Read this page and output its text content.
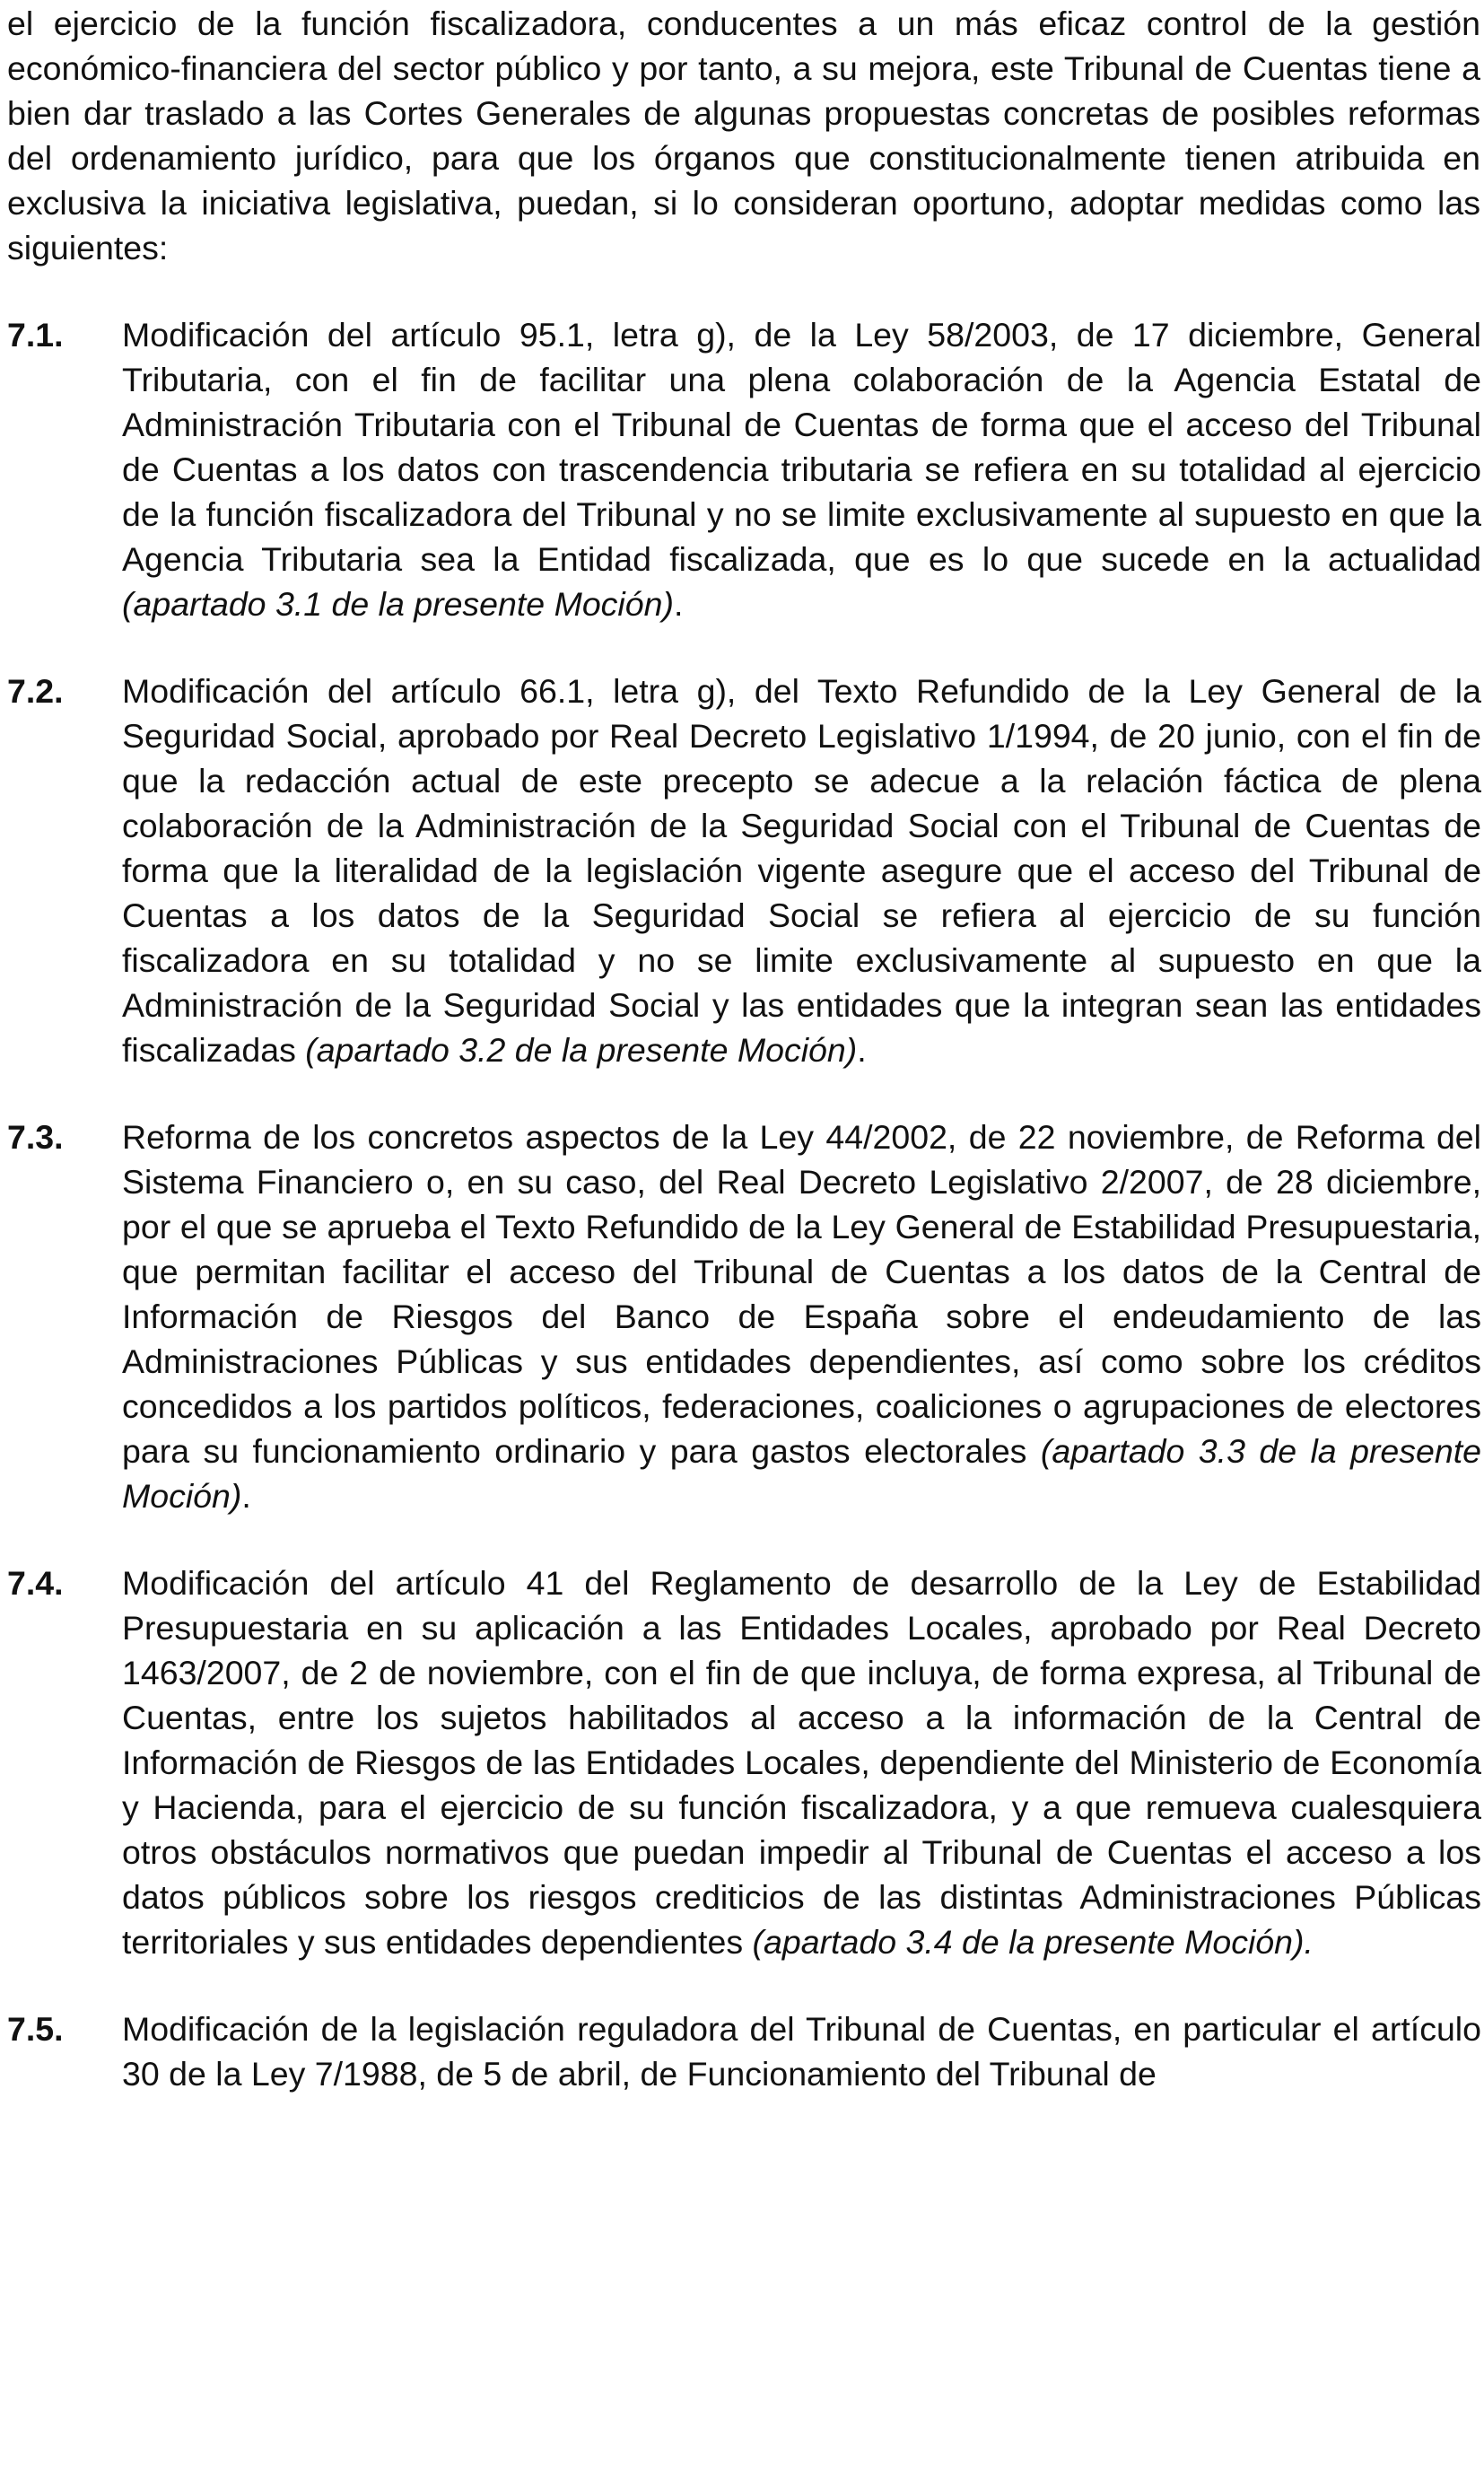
el ejercicio de la función fiscalizadora, conducentes a un más eficaz control de la gestión económico-financiera del sector público y por tanto, a su mejora, este Tribunal de Cuentas tiene a bien dar traslado a las Cortes Generales de algunas propuestas concretas de posibles reformas del ordenamiento jurídico, para que los órganos que constitucionalmente tienen atribuida en exclusiva la iniciativa legislativa, puedan, si lo consideran oportuno, adoptar medidas como las siguientes:

7.1.	Modificación del artículo 95.1, letra g), de la Ley 58/2003, de 17 diciembre, General Tributaria, con el fin de facilitar una plena colaboración de la Agencia Estatal de Administración Tributaria con el Tribunal de Cuentas de forma que el acceso del Tribunal de Cuentas a los datos con trascendencia tributaria se refiera en su totalidad al ejercicio de la función fiscalizadora del Tribunal y no se limite exclusivamente al supuesto en que la Agencia Tributaria sea la Entidad fiscalizada, que es lo que sucede en la actualidad (apartado 3.1 de la presente Moción).
7.2.	Modificación del artículo 66.1, letra g), del Texto Refundido de la Ley General de la Seguridad Social, aprobado por Real Decreto Legislativo 1/1994, de 20 junio, con el fin de que la redacción actual de este precepto se adecue a la relación fáctica de plena colaboración de la Administración de la Seguridad Social con el Tribunal de Cuentas de forma que la literalidad de la legislación vigente asegure que el acceso del Tribunal de Cuentas a los datos de la Seguridad Social se refiera al ejercicio de su función fiscalizadora en su totalidad y no se limite exclusivamente al supuesto en que la Administración de la Seguridad Social y las entidades que la integran sean las entidades fiscalizadas (apartado 3.2 de la presente Moción).
7.3.	Reforma de los concretos aspectos de la Ley 44/2002, de 22 noviembre, de Reforma del Sistema Financiero o, en su caso, del Real Decreto Legislativo 2/2007, de 28 diciembre, por el que se aprueba el Texto Refundido de la Ley General de Estabilidad Presupuestaria, que permitan facilitar el acceso del Tribunal de Cuentas a los datos de la Central de Información de Riesgos del Banco de España sobre el endeudamiento de las Administraciones Públicas y sus entidades dependientes, así como sobre los créditos concedidos a los partidos políticos, federaciones, coaliciones o agrupaciones de electores para su funcionamiento ordinario y para gastos electorales (apartado 3.3 de la presente Moción).
7.4.	Modificación del artículo 41 del Reglamento de desarrollo de la Ley de Estabilidad Presupuestaria en su aplicación a las Entidades Locales, aprobado por Real Decreto 1463/2007, de 2 de noviembre, con el fin de que incluya, de forma expresa, al Tribunal de Cuentas, entre los sujetos habilitados al acceso a la información de la Central de Información de Riesgos de las Entidades Locales, dependiente del Ministerio de Economía y Hacienda, para el ejercicio de su función fiscalizadora, y a que remueva cualesquiera otros obstáculos normativos que puedan impedir al Tribunal de Cuentas el acceso a los datos públicos sobre los riesgos crediticios de las distintas Administraciones Públicas territoriales y sus entidades dependientes (apartado 3.4 de la presente Moción).
7.5.	Modificación de la legislación reguladora del Tribunal de Cuentas, en particular el artículo 30 de la Ley 7/1988, de 5 de abril, de Funcionamiento del Tribunal de
